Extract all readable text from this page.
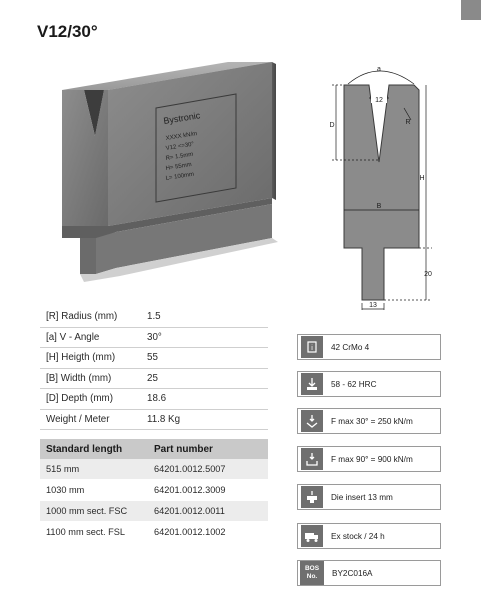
V12/30°
Bystronic
XXXX kN/m
V12 <=30°
R= 1.5mm
H= 55mm
L= 100mm
a
12
R
D
H
B
20
13
[R] Radius (mm)	1.5
[a] V - Angle	30°
[H] Heigth (mm)	55
[B] Width (mm)	25
[D] Depth (mm)	18.6
Weight / Meter	11.8 Kg
Standard length	Part number
515 mm	64201.0012.5007
1030 mm	64201.0012.3009
1000 mm sect. FSC	64201.0012.0011
1100 mm sect. FSL	64201.0012.1002
i 42 CrMo 4
58 - 62 HRC
F max 30° = 250 kN/m
F max 90° = 900 kN/m
Die insert 13 mm
Ex stock / 24 h
BOS
No. BY2C016A
